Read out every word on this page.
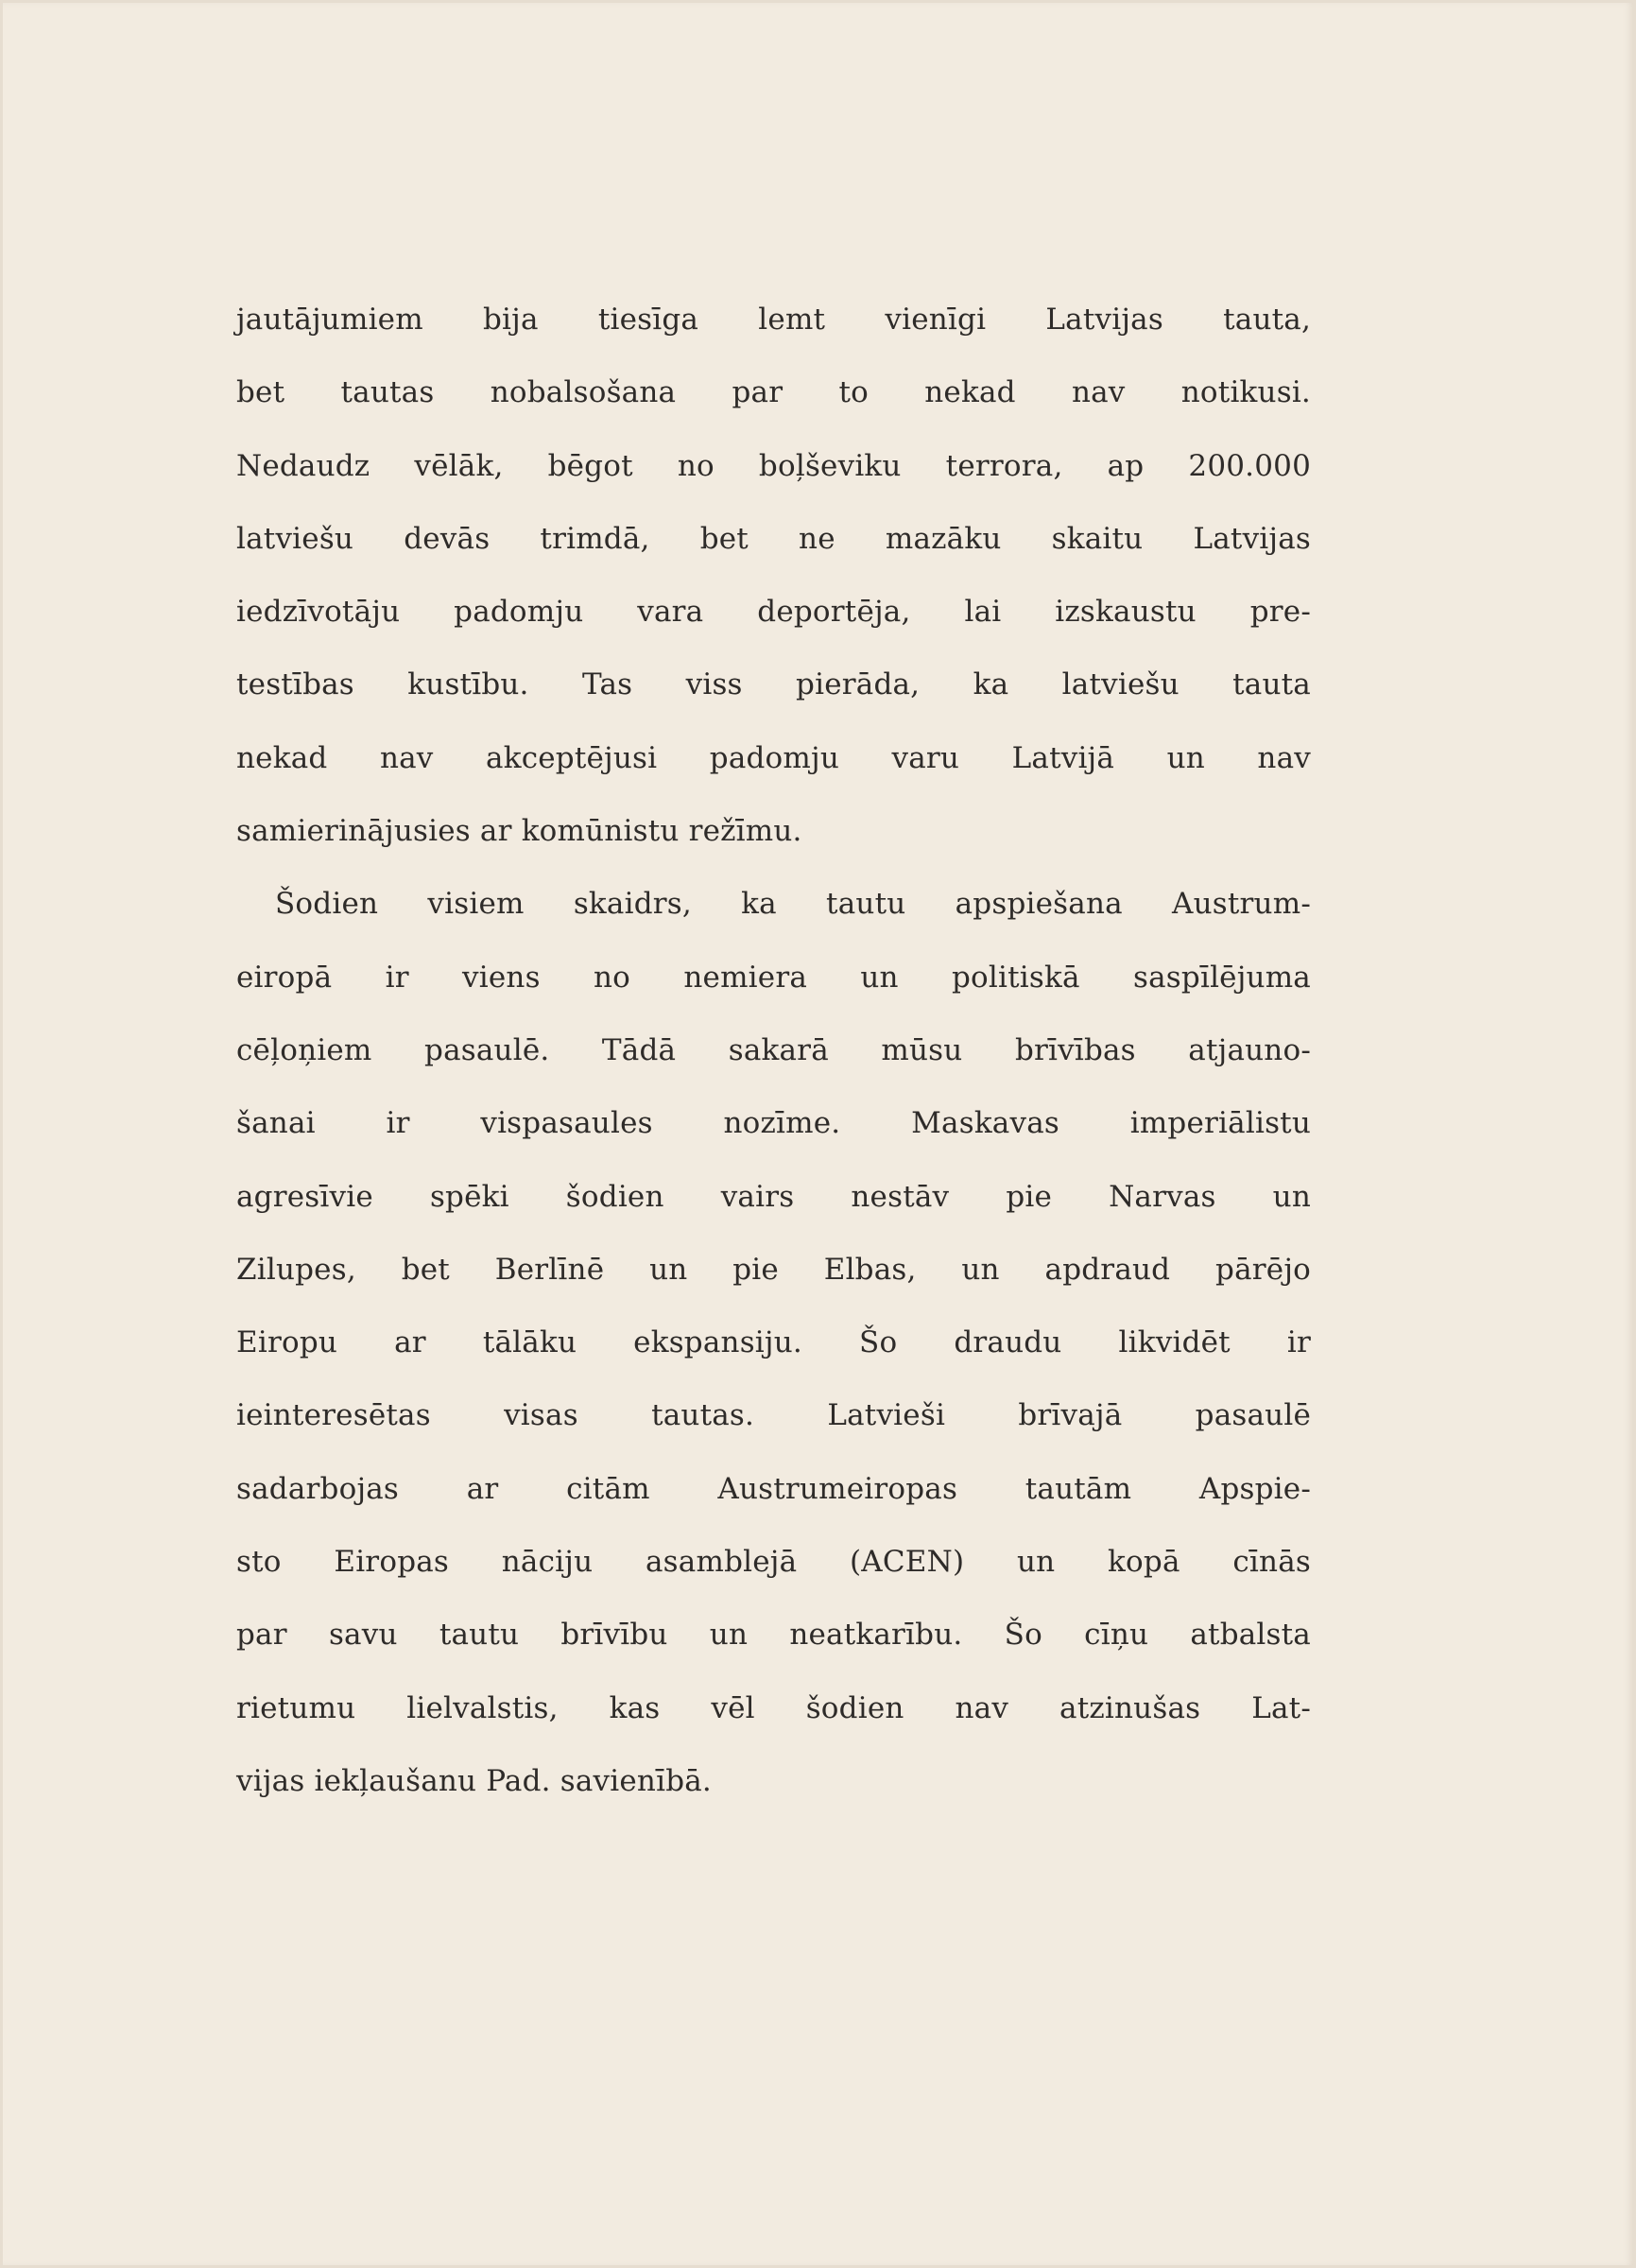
jautājumiem bija tiesīga lemt vienīgi Latvijas tauta,
bet tautas nobalsošana par to nekad nav notikusi.
Nedaudz vēlāk, bēgot no boļševiku terrora, ap 200.000
latviešu devās trimdā, bet ne mazāku skaitu Latvijas
iedzīvotāju padomju vara deportēja, lai izskaustu pre-
testības kustību. Tas viss pierāda, ka latviešu tauta
nekad nav akceptējusi padomju varu Latvijā un nav
samierinājusies ar komūnistu režīmu.
Šodien visiem skaidrs, ka tautu apspiešana Austrum-
eiropā ir viens no nemiera un politiskā saspīlējuma
cēļoņiem pasaulē. Tādā sakarā mūsu brīvības atjauno-
šanai ir vispasaules nozīme. Maskavas imperiālistu
agresīvie spēki šodien vairs nestāv pie Narvas un
Zilupes, bet Berlīnē un pie Elbas, un apdraud pārējo
Eiropu ar tālāku ekspansiju. Šo draudu likvidēt ir
ieinteresētas visas tautas. Latvieši brīvajā pasaulē
sadarbojas ar citām Austrumeiropas tautām Apspie-
sto Eiropas nāciju asamblejā (ACEN) un kopā cīnās
par savu tautu brīvību un neatkarību. Šo cīņu atbalsta
rietumu lielvalstis, kas vēl šodien nav atzinušas Lat-
vijas iekļaušanu Pad. savienībā.
